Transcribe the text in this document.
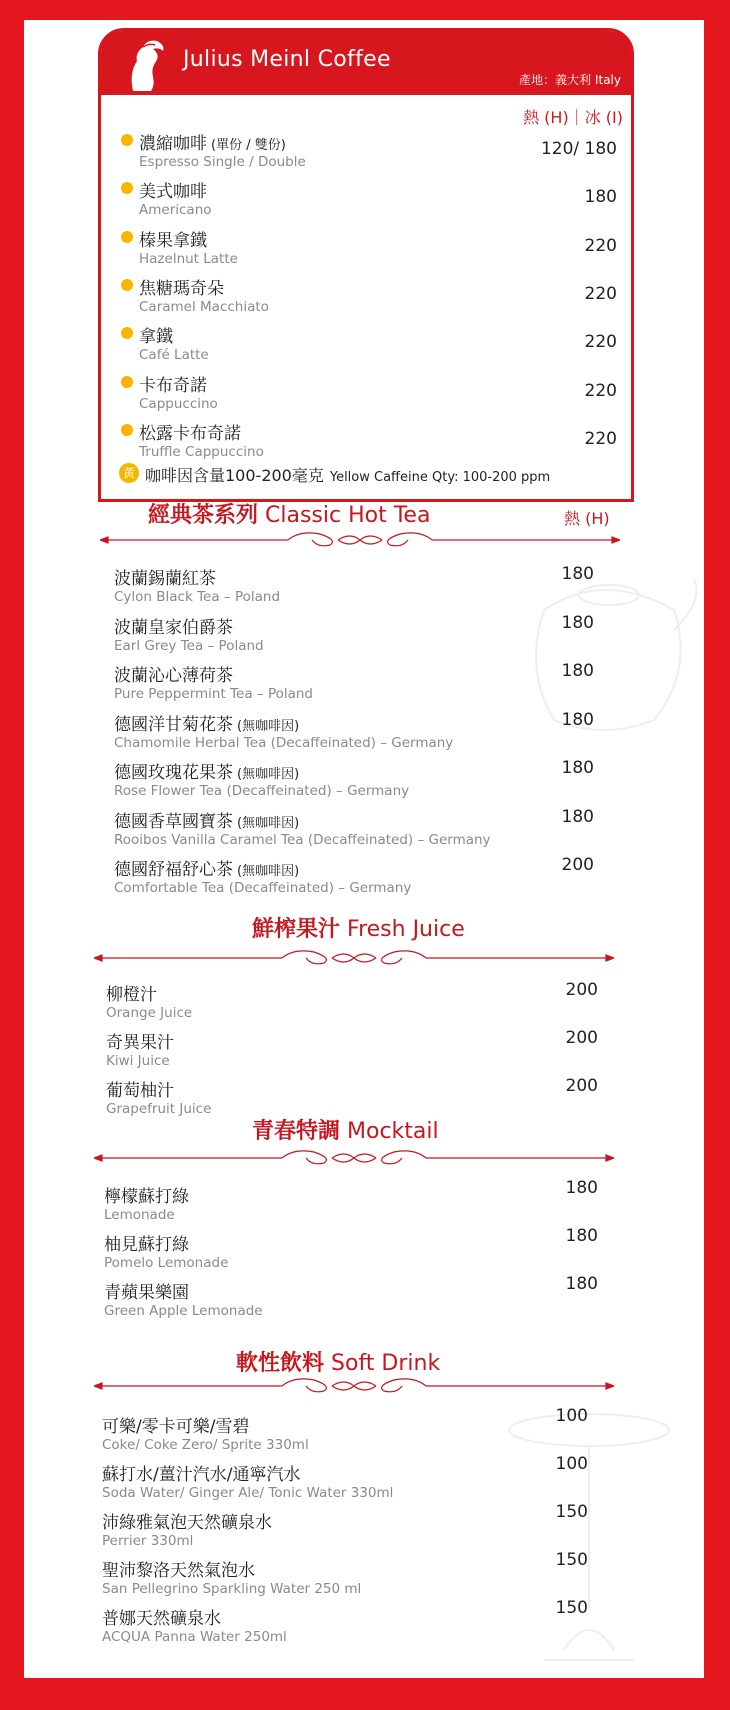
Julius Meinl Coffee
產地：義大利 Italy
熱 (H)｜冰 (I)
濃縮咖啡 (單份 / 雙份)
Espresso Single / Double
120/ 180
美式咖啡
Americano
180
榛果拿鐵
Hazelnut Latte
220
焦糖瑪奇朵
Caramel Macchiato
220
拿鐵
Café Latte
220
卡布奇諾
Cappuccino
220
松露卡布奇諾
Truffle Cappuccino
220
黃 咖啡因含量100-200毫克 Yellow Caffeine Qty: 100-200 ppm
經典茶系列 Classic Hot Tea	熱 (H)
波蘭錫蘭紅茶
Cylon Black Tea – Poland
180
波蘭皇家伯爵茶
Earl Grey Tea – Poland
180
波蘭沁心薄荷茶
Pure Peppermint Tea – Poland
180
德國洋甘菊花茶 (無咖啡因)
Chamomile Herbal Tea (Decaffeinated) – Germany
180
德國玫瑰花果茶 (無咖啡因)
Rose Flower Tea (Decaffeinated) – Germany
180
德國香草國寶茶 (無咖啡因)
Rooibos Vanilla Caramel Tea (Decaffeinated) – Germany
180
德國舒福舒心茶 (無咖啡因)
Comfortable Tea (Decaffeinated) – Germany
200
鮮榨果汁 Fresh Juice
柳橙汁
Orange Juice
200
奇異果汁
Kiwi Juice
200
葡萄柚汁
Grapefruit Juice
200
青春特調 Mocktail
檸檬蘇打綠
Lemonade
180
柚見蘇打綠
Pomelo Lemonade
180
青蘋果樂園
Green Apple Lemonade
180
軟性飲料 Soft Drink
可樂/零卡可樂/雪碧
Coke/ Coke Zero/ Sprite 330ml
100
蘇打水/薑汁汽水/通寧汽水
Soda Water/ Ginger Ale/ Tonic Water 330ml
100
沛綠雅氣泡天然礦泉水
Perrier 330ml
150
聖沛黎洛天然氣泡水
San Pellegrino Sparkling Water 250 ml
150
普娜天然礦泉水
ACQUA Panna Water 250ml
150
